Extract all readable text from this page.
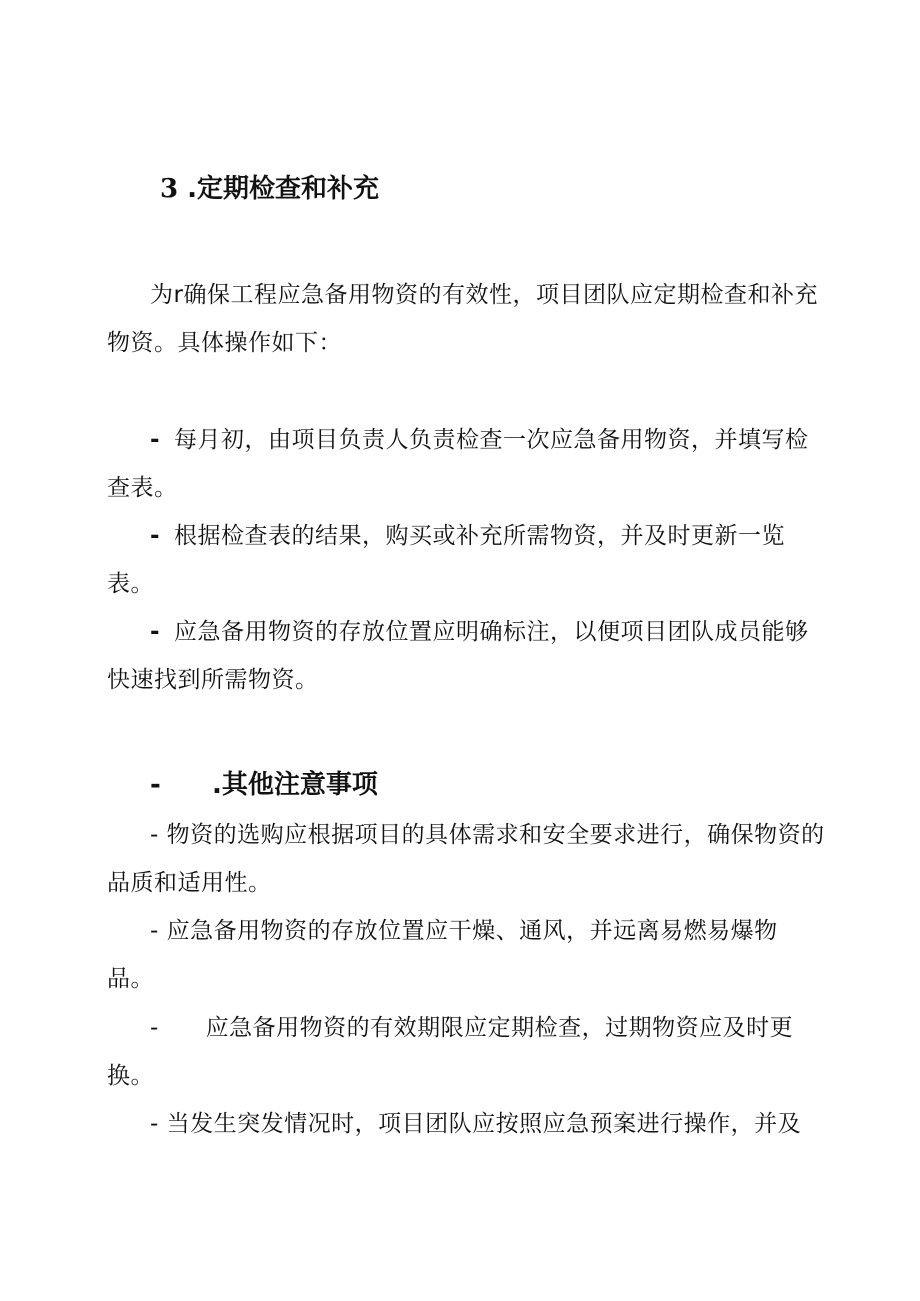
3 .定期检查和补充
为r确保工程应急备用物资的有效性，项目团队应定期检查和补充
物资。具体操作如下：
- 每月初，由项目负责人负责检查一次应急备用物资，并填写检
查表。
- 根据检查表的结果，购买或补充所需物资，并及时更新一览
表。
- 应急备用物资的存放位置应明确标注，以便项目团队成员能够
快速找到所需物资。
- .其他注意事项
- 物资的选购应根据项目的具体需求和安全要求进行，确保物资的
品质和适用性。
- 应急备用物资的存放位置应干燥、通风，并远离易燃易爆物
品。
-      应急备用物资的有效期限应定期检查，过期物资应及时更
换。
- 当发生突发情况时，项目团队应按照应急预案进行操作，并及
